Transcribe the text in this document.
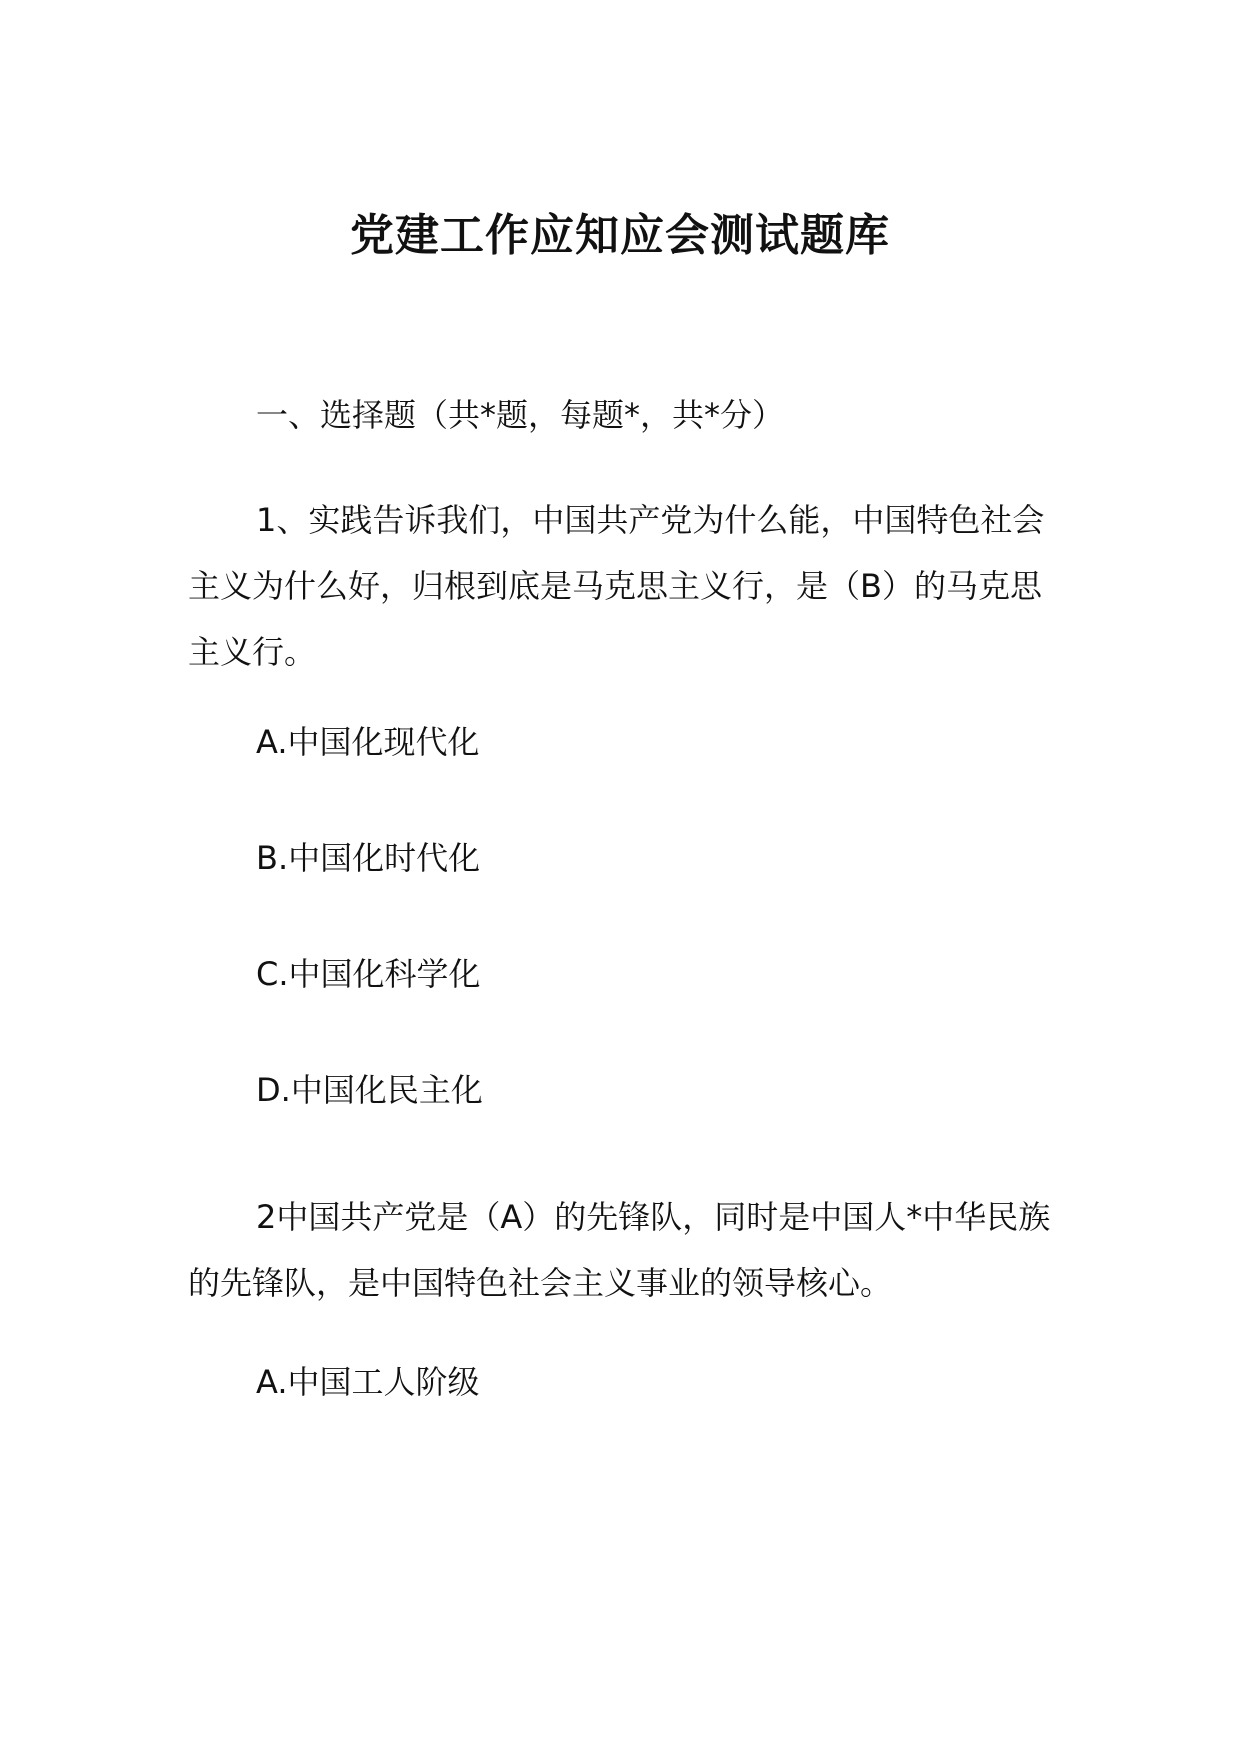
党建工作应知应会测试题库
一、选择题（共*题，每题*，共*分）
1、实践告诉我们，中国共产党为什么能，中国特色社会主义为什么好，归根到底是马克思主义行，是（B）的马克思主义行。
A.中国化现代化
B.中国化时代化
C.中国化科学化
D.中国化民主化
2中国共产党是（A）的先锋队，同时是中国人*中华民族的先锋队，是中国特色社会主义事业的领导核心。
A.中国工人阶级
